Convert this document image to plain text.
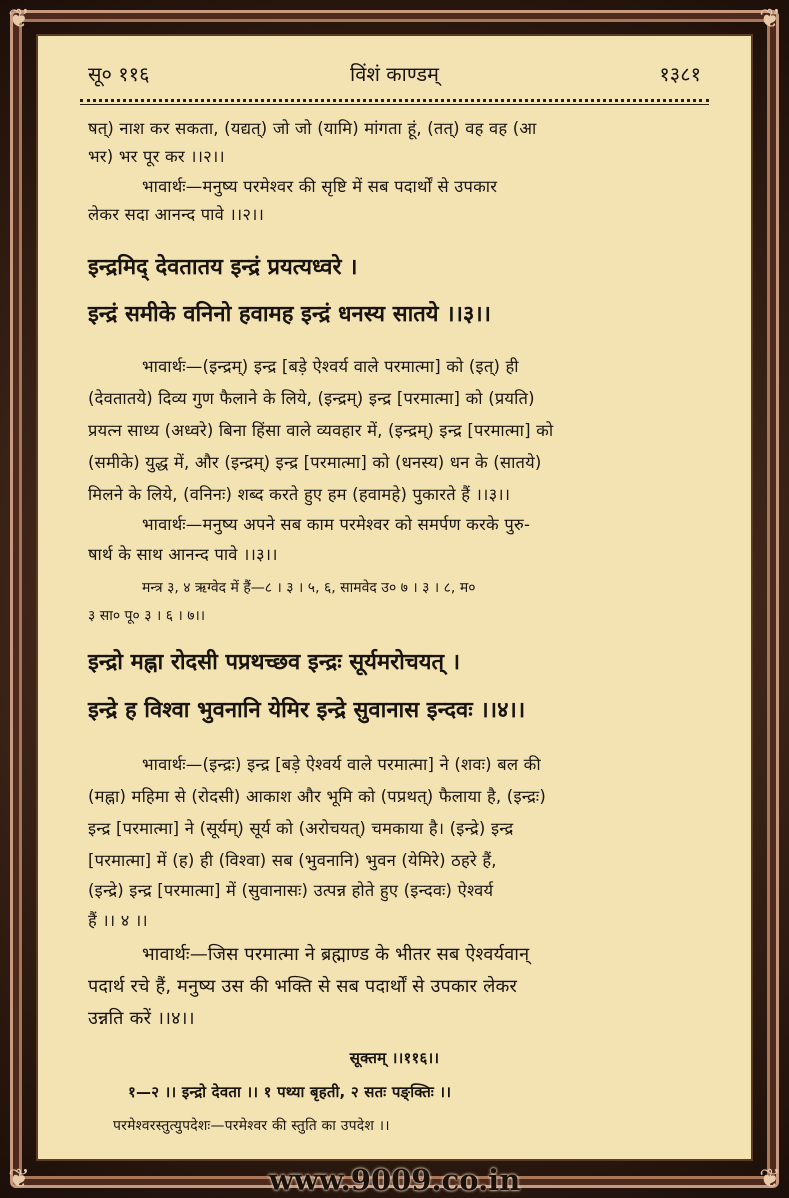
❦	❦
❦	❦
सू० ११६	विंशं काण्डम्	१३८१
षत्) नाश कर सकता, (यद्यत्) जो जो (यामि) मांगता हूं, (तत्) वह वह (आ
भर) भर पूर कर ।।२।।
भावार्थः—मनुष्य परमेश्वर की सृष्टि में सब पदार्थों से उपकार
लेकर सदा आनन्द पावे ।।२।।
इन्द्रमिद् देवतातय इन्द्रं प्रयत्यध्वरे ।
इन्द्रं समीके वनिनो हवामह इन्द्रं धनस्य सातये ।।३।।
भावार्थः—(इन्द्रम्) इन्द्र [बड़े ऐश्वर्य वाले परमात्मा] को (इत्) ही
(देवतातये) दिव्य गुण फैलाने के लिये, (इन्द्रम्) इन्द्र [परमात्मा] को (प्रयति)
प्रयत्न साध्य (अध्वरे) बिना हिंसा वाले व्यवहार में, (इन्द्रम्) इन्द्र [परमात्मा] को
(समीके) युद्ध में, और (इन्द्रम्) इन्द्र [परमात्मा] को (धनस्य) धन के (सातये)
मिलने के लिये, (वनिनः) शब्द करते हुए हम (हवामहे) पुकारते हैं ।।३।।
भावार्थः—मनुष्य अपने सब काम परमेश्वर को समर्पण करके पुरु-
षार्थ के साथ आनन्द पावे ।।३।।
मन्त्र ३, ४ ऋग्वेद में हैं—८ । ३ । ५, ६, सामवेद उ० ७ । ३ । ८, म०
३ सा० पू० ३ । ६ । ७।।
इन्द्रो मह्ना रोदसी पप्रथच्छव इन्द्रः सूर्यमरोचयत् ।
इन्द्रे ह विश्वा भुवनानि येमिर इन्द्रे सुवानास इन्दवः ।।४।।
भावार्थः—(इन्द्रः) इन्द्र [बड़े ऐश्वर्य वाले परमात्मा] ने (शवः) बल की
(मह्ना) महिमा से (रोदसी) आकाश और भूमि को (पप्रथत्) फैलाया है, (इन्द्रः)
इन्द्र [परमात्मा] ने (सूर्यम्) सूर्य को (अरोचयत्) चमकाया है। (इन्द्रे) इन्द्र
[परमात्मा] में (ह) ही (विश्वा) सब (भुवनानि) भुवन (येमिरे) ठहरे हैं,
(इन्द्रे) इन्द्र [परमात्मा] में (सुवानासः) उत्पन्न होते हुए (इन्दवः) ऐश्वर्य
हैं ।। ४ ।।
भावार्थः—जिस परमात्मा ने ब्रह्माण्ड के भीतर सब ऐश्वर्यवान्
पदार्थ रचे हैं, मनुष्य उस की भक्ति से सब पदार्थों से उपकार लेकर
उन्नति करें ।।४।।
सूक्तम् ।।११६।।
१—२ ।। इन्द्रो देवता ।। १ पथ्या बृहती, २ सतः पङ्क्तिः ।।
परमेश्वरस्तुत्युपदेशः—परमेश्वर की स्तुति का उपदेश ।।
www.9009.co.in
